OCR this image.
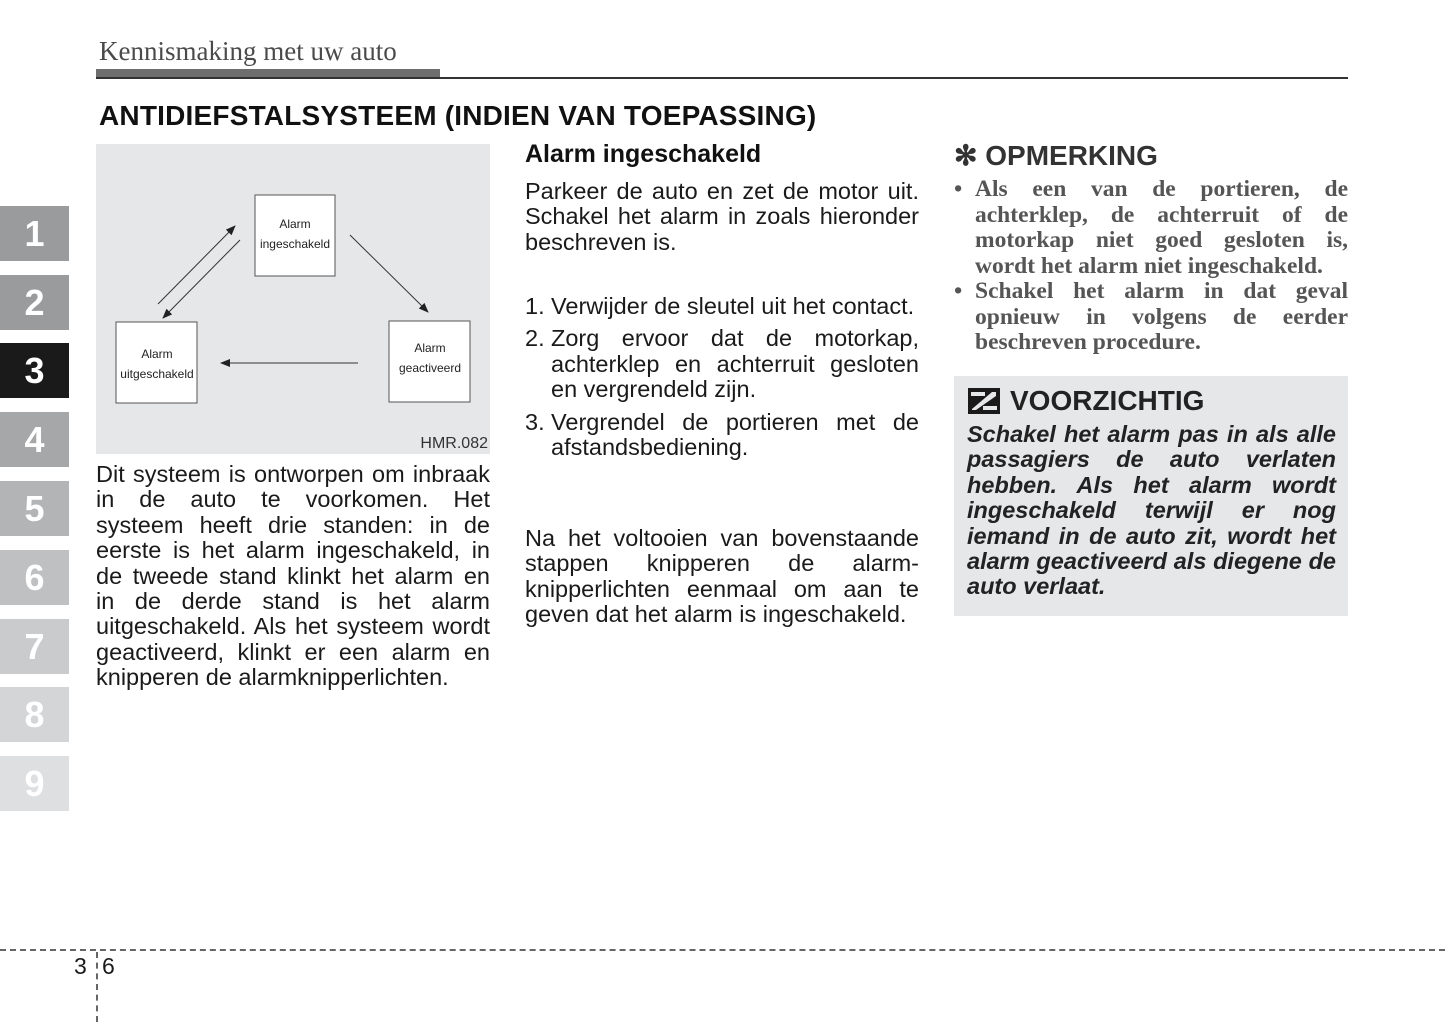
Kennismaking met uw auto
ANTIDIEFSTALSYSTEEM (INDIEN VAN TOEPASSING)
1
2
3
4
5
6
7
8
9
Alarm
ingeschakeld
Alarm
uitgeschakeld
Alarm
geactiveerd
HMR.082
Dit systeem is ontworpen om inbraak in de auto te voorkomen. Het systeem heeft drie standen: in de eerste is het alarm ingeschakeld, in de tweede stand klinkt het alarm en in de derde stand is het alarm uitgeschakeld. Als het systeem wordt geactiveerd, klinkt er een alarm en knipperen de alarmknipperlichten.
Alarm ingeschakeld
Parkeer de auto en zet de motor uit. Schakel het alarm in zoals hieronder beschreven is.
1. Verwijder de sleutel uit het contact.
2. Zorg ervoor dat de motorkap, achterklep en achterruit gesloten en vergrendeld zijn.
3. Vergrendel de portieren met de afstandsbediening.
Na het voltooien van bovenstaande stappen knipperen de alarm-knipperlichten eenmaal om aan te geven dat het alarm is ingeschakeld.
✻ OPMERKING
• Als een van de portieren, de achterklep, de achterruit of de motorkap niet goed gesloten is, wordt het alarm niet ingeschakeld.
• Schakel het alarm in dat geval opnieuw in volgens de eerder beschreven procedure.
VOORZICHTIG
Schakel het alarm pas in als alle passagiers de auto verlaten hebben. Als het alarm wordt ingeschakeld terwijl er nog iemand in de auto zit, wordt het alarm geactiveerd als diegene de auto verlaat.
3 6
